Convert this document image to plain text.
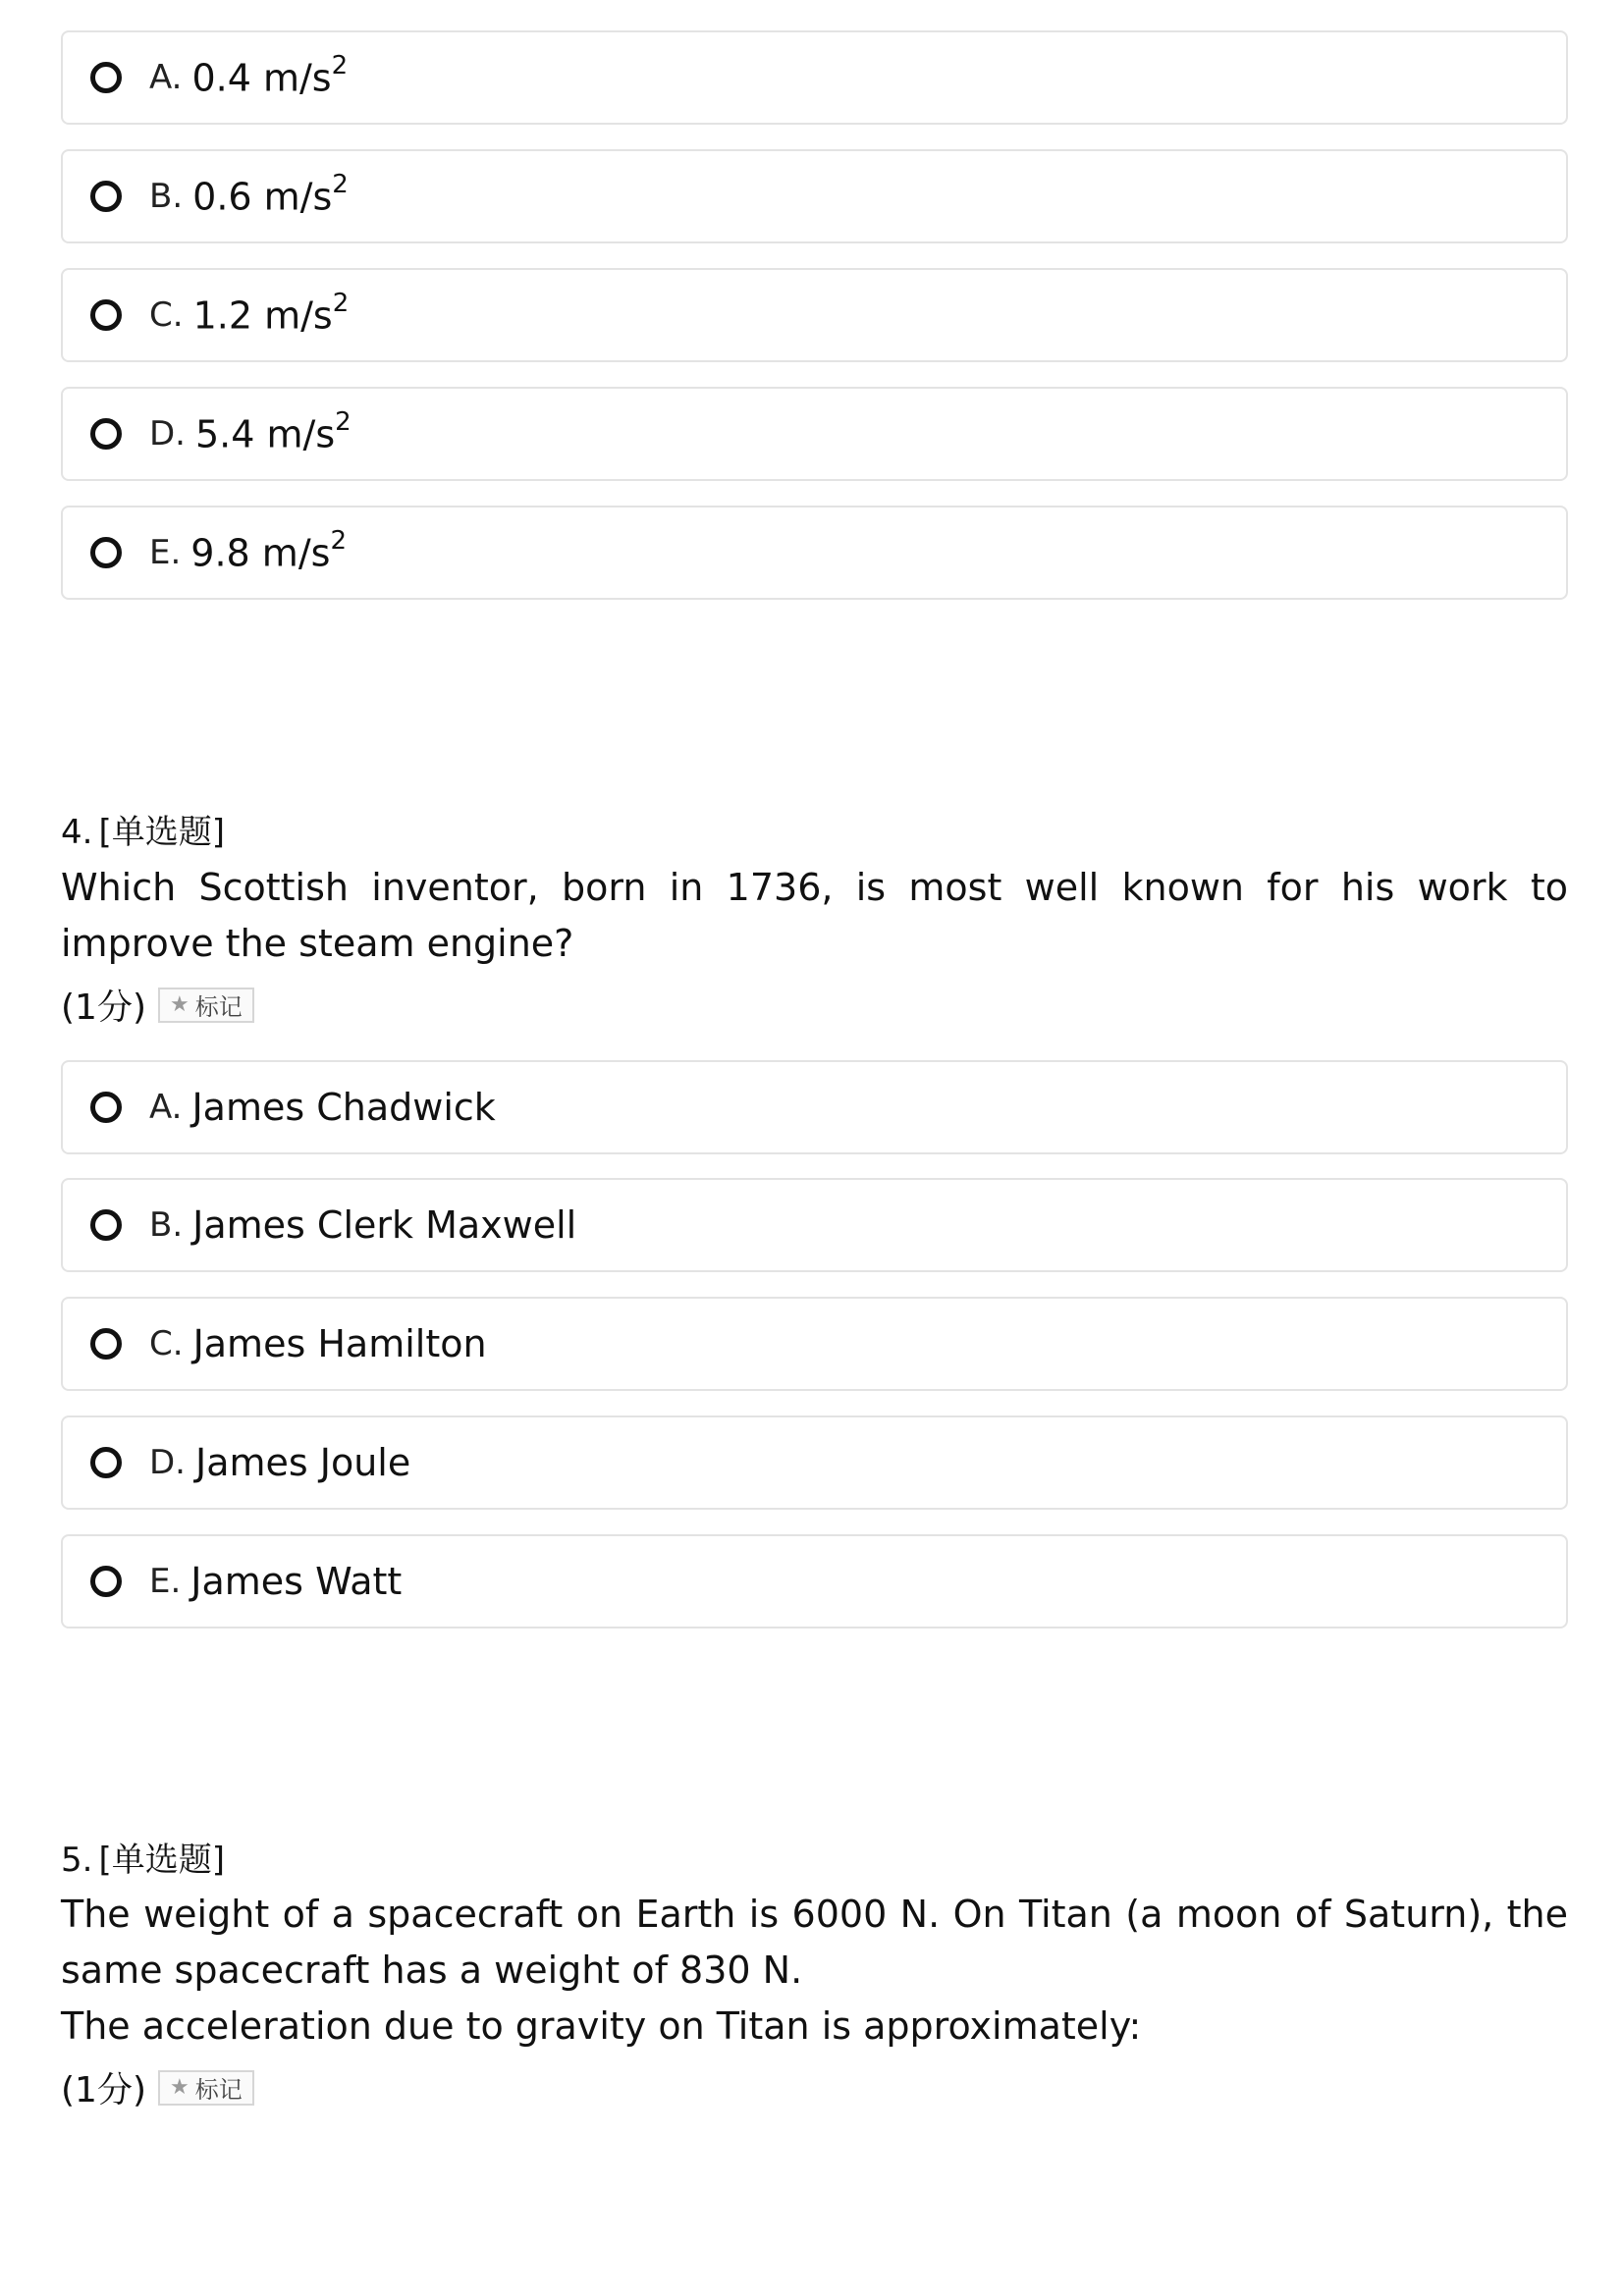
A. 0.4 $m/s^2$
B. 0.6 $m/s^2$
C. 1.2 $m/s^2$
D. 5.4 $m/s^2$
E. 9.8 $m/s^2$
4. [单选题]
Which Scottish inventor, born in 1736, is most well known for his work to improve the steam engine?
(1分) ★ 标记
A. James Chadwick
B. James Clerk Maxwell
C. James Hamilton
D. James Joule
E. James Watt
5. [单选题]
The weight of a spacecraft on Earth is 6000 N. On Titan (a moon of Saturn), the same spacecraft has a weight of 830 N.
The acceleration due to gravity on Titan is approximately:
(1分) ★ 标记
